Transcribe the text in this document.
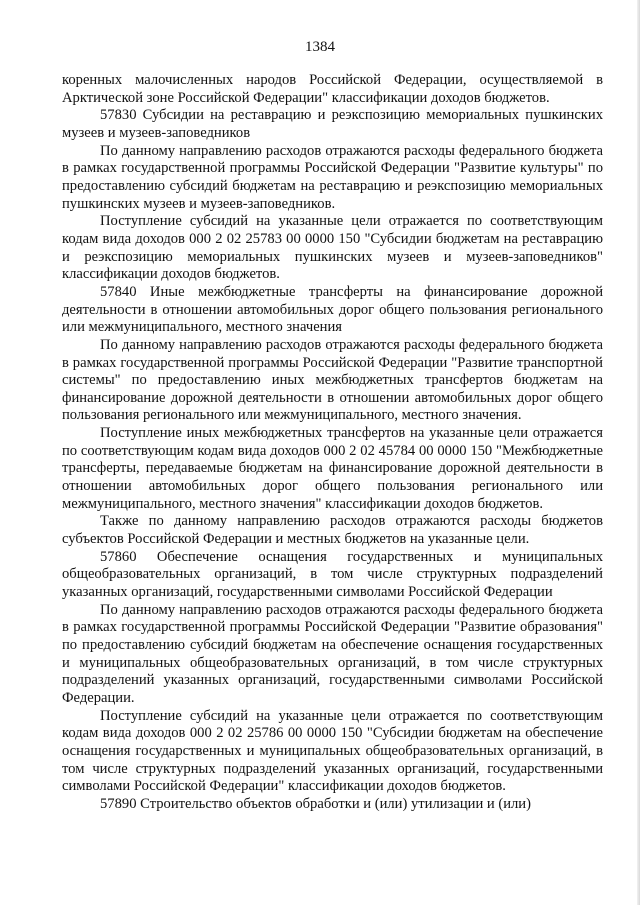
1384

коренных малочисленных народов Российской Федерации, осуществляемой в Арктической зоне Российской Федерации" классификации доходов бюджетов.

57830 Субсидии на реставрацию и реэкспозицию мемориальных пушкинских музеев и музеев-заповедников

По данному направлению расходов отражаются расходы федерального бюджета в рамках государственной программы Российской Федерации "Развитие культуры" по предоставлению субсидий бюджетам на реставрацию и реэкспозицию мемориальных пушкинских музеев и музеев-заповедников.

Поступление субсидий на указанные цели отражается по соответствующим кодам вида доходов 000 2 02 25783 00 0000 150 "Субсидии бюджетам на реставрацию и реэкспозицию мемориальных пушкинских музеев и музеев-заповедников" классификации доходов бюджетов.

57840 Иные межбюджетные трансферты на финансирование дорожной деятельности в отношении автомобильных дорог общего пользования регионального или межмуниципального, местного значения

По данному направлению расходов отражаются расходы федерального бюджета в рамках государственной программы Российской Федерации "Развитие транспортной системы" по предоставлению иных межбюджетных трансфертов бюджетам на финансирование дорожной деятельности в отношении автомобильных дорог общего пользования регионального или межмуниципального, местного значения.

Поступление иных межбюджетных трансфертов на указанные цели отражается по соответствующим кодам вида доходов 000 2 02 45784 00 0000 150 "Межбюджетные трансферты, передаваемые бюджетам на финансирование дорожной деятельности в отношении автомобильных дорог общего пользования регионального или межмуниципального, местного значения" классификации доходов бюджетов.

Также по данному направлению расходов отражаются расходы бюджетов субъектов Российской Федерации и местных бюджетов на указанные цели.

57860 Обеспечение оснащения государственных и муниципальных общеобразовательных организаций, в том числе структурных подразделений указанных организаций, государственными символами Российской Федерации

По данному направлению расходов отражаются расходы федерального бюджета в рамках государственной программы Российской Федерации "Развитие образования" по предоставлению субсидий бюджетам на обеспечение оснащения государственных и муниципальных общеобразовательных организаций, в том числе структурных подразделений указанных организаций, государственными символами Российской Федерации.

Поступление субсидий на указанные цели отражается по соответствующим кодам вида доходов 000 2 02 25786 00 0000 150 "Субсидии бюджетам на обеспечение оснащения государственных и муниципальных общеобразовательных организаций, в том числе структурных подразделений указанных организаций, государственными символами Российской Федерации" классификации доходов бюджетов.

57890 Строительство объектов обработки и (или) утилизации и (или)
